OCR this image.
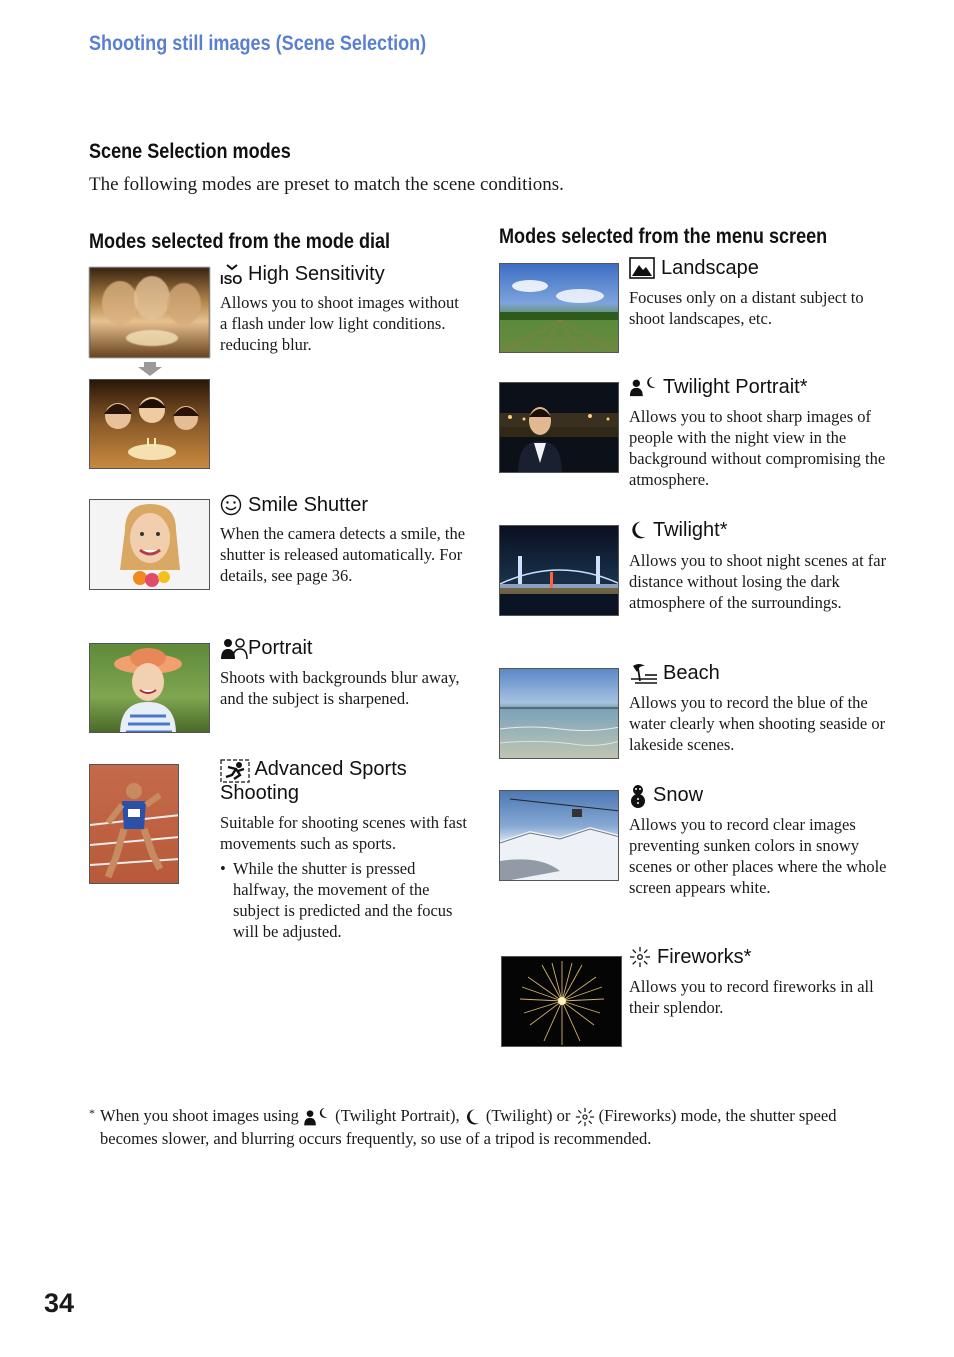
Shooting still images (Scene Selection)
Scene Selection modes
The following modes are preset to match the scene conditions.
Modes selected from the mode dial
ISO High Sensitivity
Allows you to shoot images without a flash under low light conditions. reducing blur.
Smile Shutter
When the camera detects a smile, the shutter is released automatically. For details, see page 36.
Portrait
Shoots with backgrounds blur away, and the subject is sharpened.
Advanced Sports Shooting
Suitable for shooting scenes with fast movements such as sports.
• While the shutter is pressed halfway, the movement of the subject is predicted and the focus will be adjusted.
Modes selected from the menu screen
Landscape
Focuses only on a distant subject to shoot landscapes, etc.
Twilight Portrait*
Allows you to shoot sharp images of people with the night view in the background without compromising the atmosphere.
Twilight*
Allows you to shoot night scenes at far distance without losing the dark atmosphere of the surroundings.
Beach
Allows you to record the blue of the water clearly when shooting seaside or lakeside scenes.
Snow
Allows you to record clear images preventing sunken colors in snowy scenes or other places where the whole screen appears white.
Fireworks*
Allows you to record fireworks in all their splendor.
* When you shoot images using (Twilight Portrait), (Twilight) or (Fireworks) mode, the shutter speed becomes slower, and blurring occurs frequently, so use of a tripod is recommended.
34
